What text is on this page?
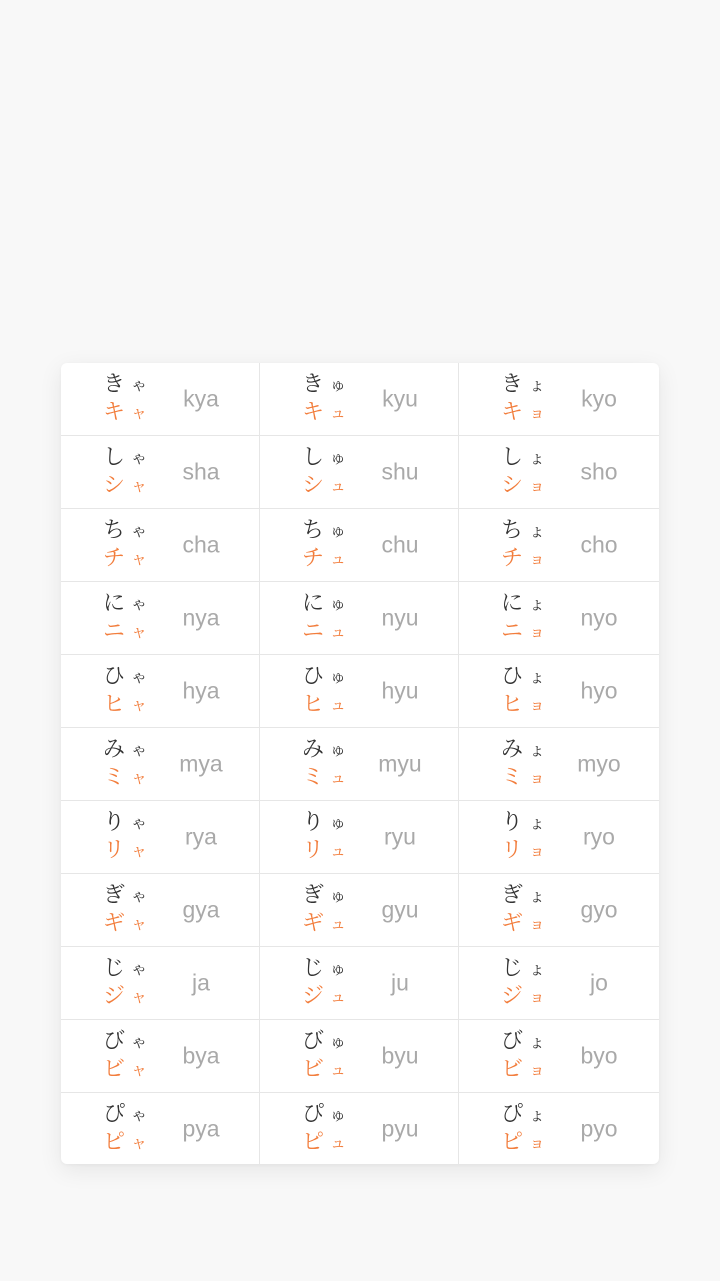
き ゃ
キ ャ
kya
き ゅ
キ ュ
kyu
き ょ
キ ョ
kyo
し ゃ
シ ャ
sha
し ゅ
シ ュ
shu
し ょ
シ ョ
sho
ち ゃ
チ ャ
cha
ち ゅ
チ ュ
chu
ち ょ
チ ョ
cho
に ゃ
ニ ャ
nya
に ゅ
ニ ュ
nyu
に ょ
ニ ョ
nyo
ひ ゃ
ヒ ャ
hya
ひ ゅ
ヒ ュ
hyu
ひ ょ
ヒ ョ
hyo
み ゃ
ミ ャ
mya
み ゅ
ミ ュ
myu
み ょ
ミ ョ
myo
り ゃ
リ ャ
rya
り ゅ
リ ュ
ryu
り ょ
リ ョ
ryo
ぎ ゃ
ギ ャ
gya
ぎ ゅ
ギ ュ
gyu
ぎ ょ
ギ ョ
gyo
じ ゃ
ジ ャ
ja
じ ゅ
ジ ュ
ju
じ ょ
ジ ョ
jo
び ゃ
ビ ャ
bya
び ゅ
ビ ュ
byu
び ょ
ビ ョ
byo
ぴ ゃ
ピ ャ
pya
ぴ ゅ
ピ ュ
pyu
ぴ ょ
ピ ョ
pyo
